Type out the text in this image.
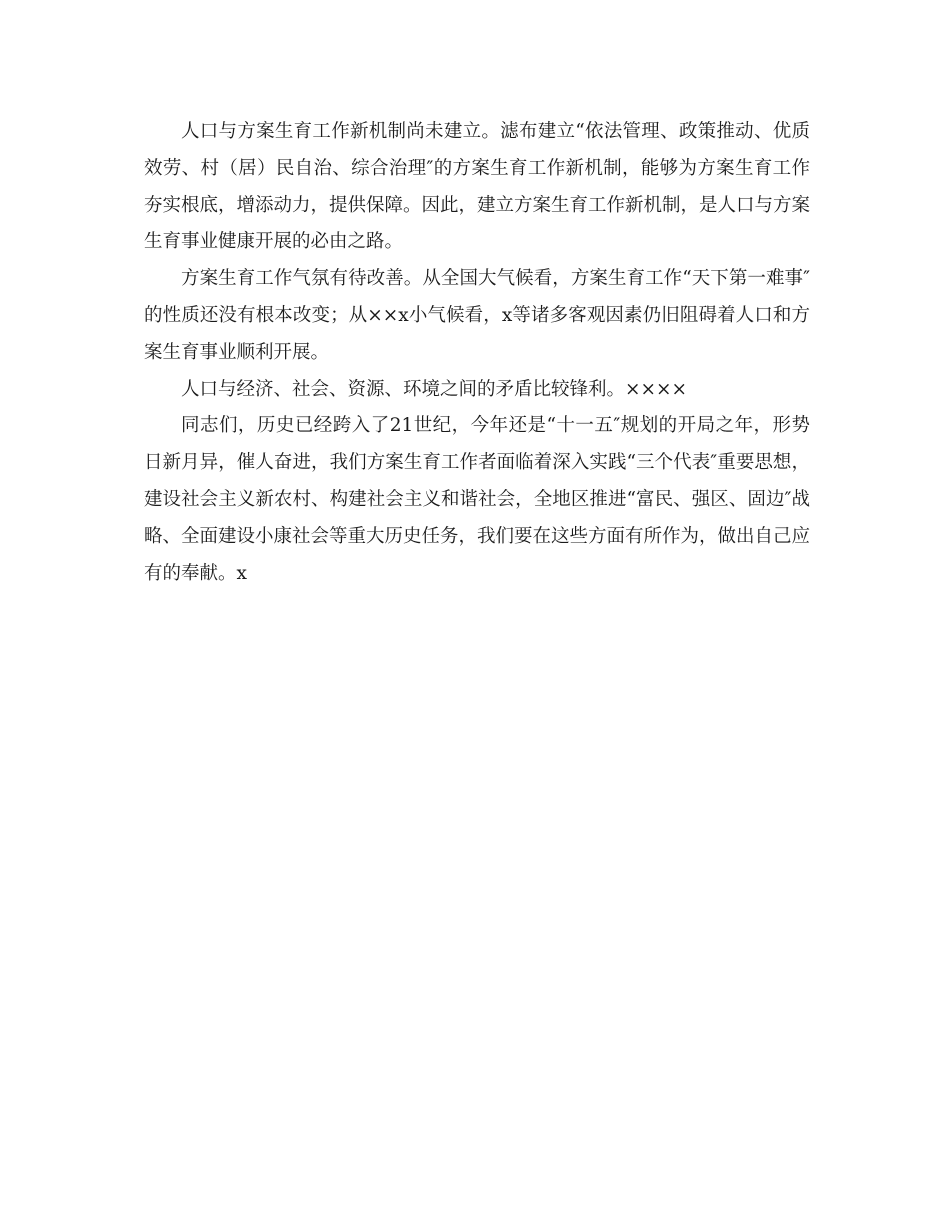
人口与方案生育工作新机制尚未建立。滤布建立“依法管理、政策推动、优质效劳、村（居）民自治、综合治理″的方案生育工作新机制，能够为方案生育工作夯实根底，增添动力，提供保障。因此，建立方案生育工作新机制，是人口与方案生育事业健康开展的必由之路。

方案生育工作气氛有待改善。从全国大气候看，方案生育工作“天下第一难事″的性质还没有根本改变；从××x小气候看，x等诸多客观因素仍旧阻碍着人口和方案生育事业顺利开展。

人口与经济、社会、资源、环境之间的矛盾比较锋利。××××

同志们，历史已经跨入了21世纪，今年还是“十一五″规划的开局之年，形势日新月异，催人奋进，我们方案生育工作者面临着深入实践“三个代表″重要思想，建设社会主义新农村、构建社会主义和谐社会，全地区推进“富民、强区、固边″战略、全面建设小康社会等重大历史任务，我们要在这些方面有所作为，做出自己应有的奉献。x
